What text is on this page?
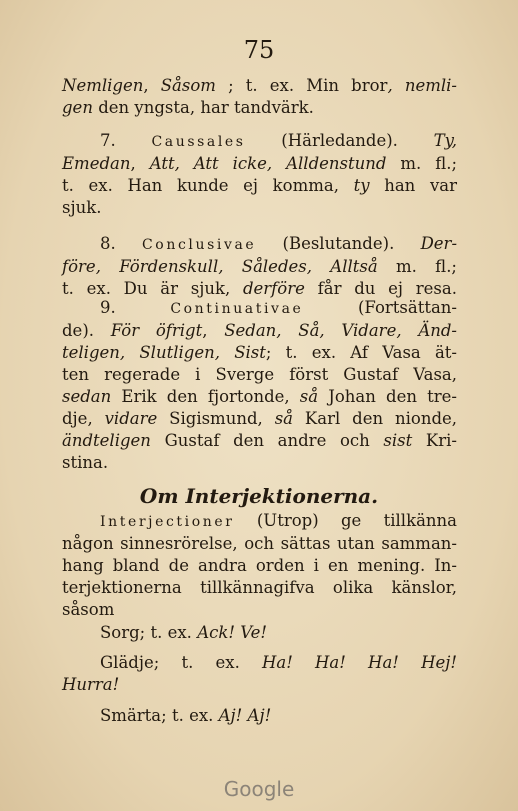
75
Nemligen, Såsom ; t. ex. Min bror, nemli-
gen den yngsta, har tandvärk.
7.	Caussales (Härledande). Ty,
Emedan, Att, Att icke, Alldenstund m. fl.;
t. ex. Han kunde ej komma, ty han var
sjuk.
8. Conclusivae (Beslutande). Der-
före, Fördenskull, Således, Alltså m. fl.;
t. ex. Du är sjuk, derföre får du ej resa.
9.	Continuativae	(Fortsättan-
de). För öfrigt, Sedan, Så, Vidare, Änd-
teligen, Slutligen, Sist; t. ex. Af Vasa ät-
ten regerade i Sverge först Gustaf Vasa,
sedan Erik den fjortonde, så Johan den tre-
dje, vidare Sigismund, så Karl den nionde,
ändteligen Gustaf den andre och sist Kri-
stina.
Om Interjektionerna.
Interjectioner (Utrop) ge tillkänna
någon sinnesrörelse, och sättas utan samman-
hang bland de andra orden i en mening. In-
terjektionerna tillkännagifva olika känslor,
såsom
Sorg; t. ex. Ack! Ve!
Glädje; t. ex. Ha! Ha! Ha! Hej!
Hurra!
Smärta; t. ex. Aj! Aj!
Google
